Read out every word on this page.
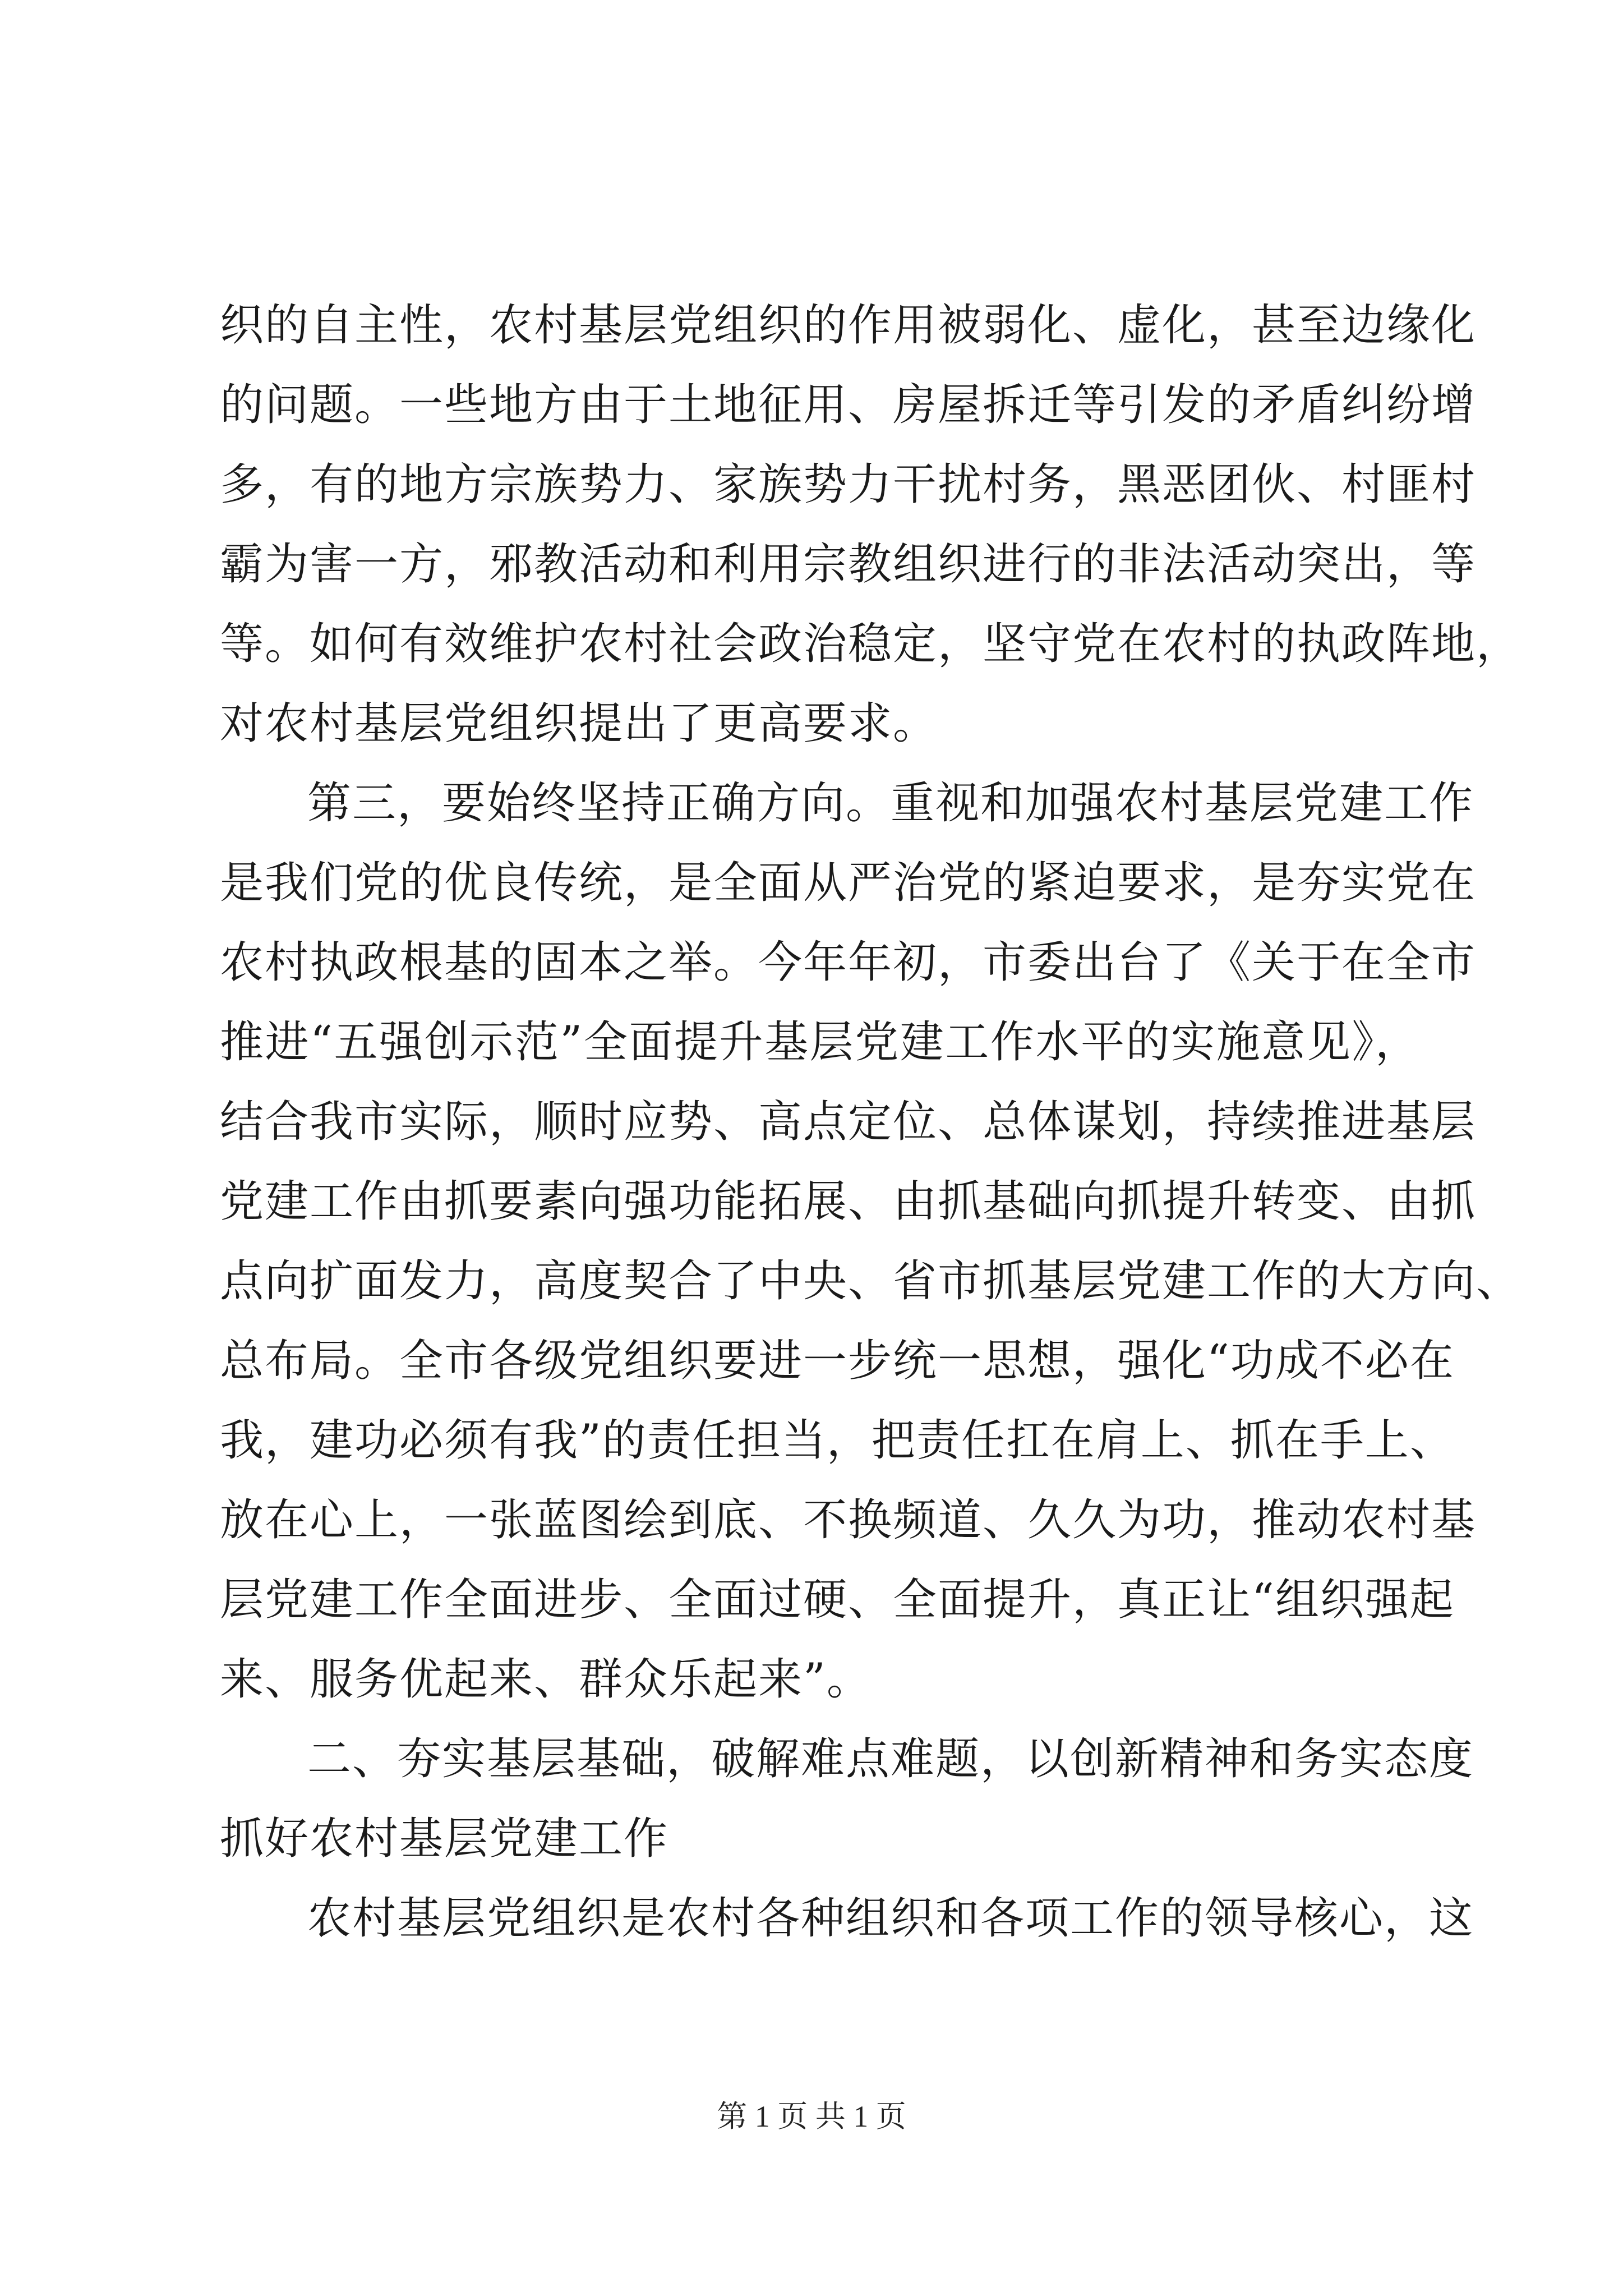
织的自主性，农村基层党组织的作用被弱化、虚化，甚至边缘化
的问题。一些地方由于土地征用、房屋拆迁等引发的矛盾纠纷增
多，有的地方宗族势力、家族势力干扰村务，黑恶团伙、村匪村
霸为害一方，邪教活动和利用宗教组织进行的非法活动突出，等
等。如何有效维护农村社会政治稳定，坚守党在农村的执政阵地，
对农村基层党组织提出了更高要求。
第三，要始终坚持正确方向。重视和加强农村基层党建工作
是我们党的优良传统，是全面从严治党的紧迫要求，是夯实党在
农村执政根基的固本之举。今年年初，市委出台了《关于在全市
推进“五强创示范”全面提升基层党建工作水平的实施意见》，
结合我市实际，顺时应势、高点定位、总体谋划，持续推进基层
党建工作由抓要素向强功能拓展、由抓基础向抓提升转变、由抓
点向扩面发力，高度契合了中央、省市抓基层党建工作的大方向、
总布局。全市各级党组织要进一步统一思想，强化“功成不必在
我，建功必须有我”的责任担当，把责任扛在肩上、抓在手上、
放在心上，一张蓝图绘到底、不换频道、久久为功，推动农村基
层党建工作全面进步、全面过硬、全面提升，真正让“组织强起
来、服务优起来、群众乐起来”。
二、夯实基层基础，破解难点难题，以创新精神和务实态度
抓好农村基层党建工作
农村基层党组织是农村各种组织和各项工作的领导核心，这
第 1 页 共 1 页
